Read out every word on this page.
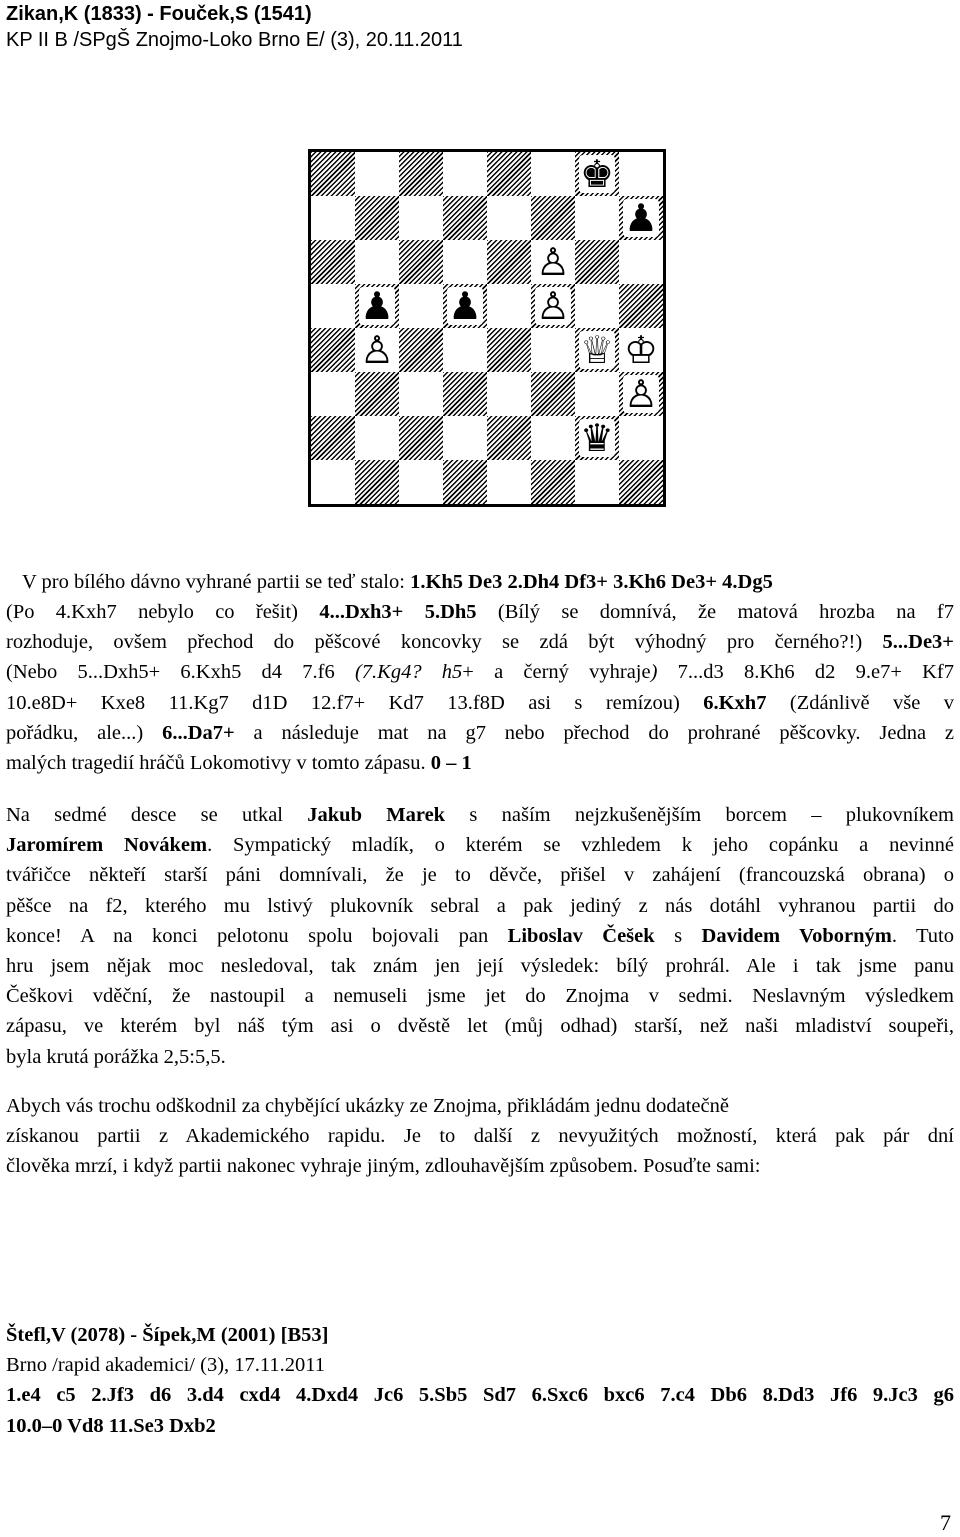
Zikan,K (1833) - Fouček,S (1541)
KP II B /SPgŠ Znojmo-Loko Brno E/ (3), 20.11.2011
♚
♟
♙
♟ ♟ ♙
♙	♕ ♔
♙
♛
V pro bílého dávno vyhrané partii se teď stalo: 1.Kh5 De3 2.Dh4 Df3+ 3.Kh6 De3+ 4.Dg5
(Po 4.Kxh7 nebylo co řešit) 4...Dxh3+ 5.Dh5 (Bílý se domnívá, že matová hrozba na f7
rozhoduje, ovšem přechod do pěšcové koncovky se zdá být výhodný pro černého?!) 5...De3+
(Nebo 5...Dxh5+ 6.Kxh5 d4 7.f6 (7.Kg4? h5+ a černý vyhraje) 7...d3 8.Kh6 d2 9.e7+ Kf7
10.e8D+ Kxe8 11.Kg7 d1D 12.f7+ Kd7 13.f8D asi s remízou) 6.Kxh7 (Zdánlivě vše v
pořádku, ale...) 6...Da7+ a následuje mat na g7 nebo přechod do prohrané pěšcovky. Jedna z
malých tragedií hráčů Lokomotivy v tomto zápasu. 0 – 1
Na sedmé desce se utkal Jakub Marek s naším nejzkušenějším borcem – plukovníkem
Jaromírem Novákem. Sympatický mladík, o kterém se vzhledem k jeho copánku a nevinné
tvářičce někteří starší páni domnívali, že je to děvče, přišel v zahájení (francouzská obrana) o
pěšce na f2, kterého mu lstivý plukovník sebral a pak jediný z nás dotáhl vyhranou partii do
konce! A na konci pelotonu spolu bojovali pan Liboslav Češek s Davidem Voborným. Tuto
hru jsem nějak moc nesledoval, tak znám jen její výsledek: bílý prohrál. Ale i tak jsme panu
Češkovi vděční, že nastoupil a nemuseli jsme jet do Znojma v sedmi. Neslavným výsledkem
zápasu, ve kterém byl náš tým asi o dvěstě let (můj odhad) starší, než naši mladiství soupeři,
byla krutá porážka 2,5:5,5.
Abych vás trochu odškodnil za chybějící ukázky ze Znojma, přikládám jednu dodatečně
získanou partii z Akademického rapidu. Je to další z nevyužitých možností, která pak pár dní
člověka mrzí, i když partii nakonec vyhraje jiným, zdlouhavějším způsobem. Posuďte sami:
Štefl,V (2078) - Šípek,M (2001) [B53]
Brno /rapid akademici/ (3), 17.11.2011
1.e4 c5 2.Jf3 d6 3.d4 cxd4 4.Dxd4 Jc6 5.Sb5 Sd7 6.Sxc6 bxc6 7.c4 Db6 8.Dd3 Jf6 9.Jc3 g6
10.0–0 Vd8 11.Se3 Dxb2
7
